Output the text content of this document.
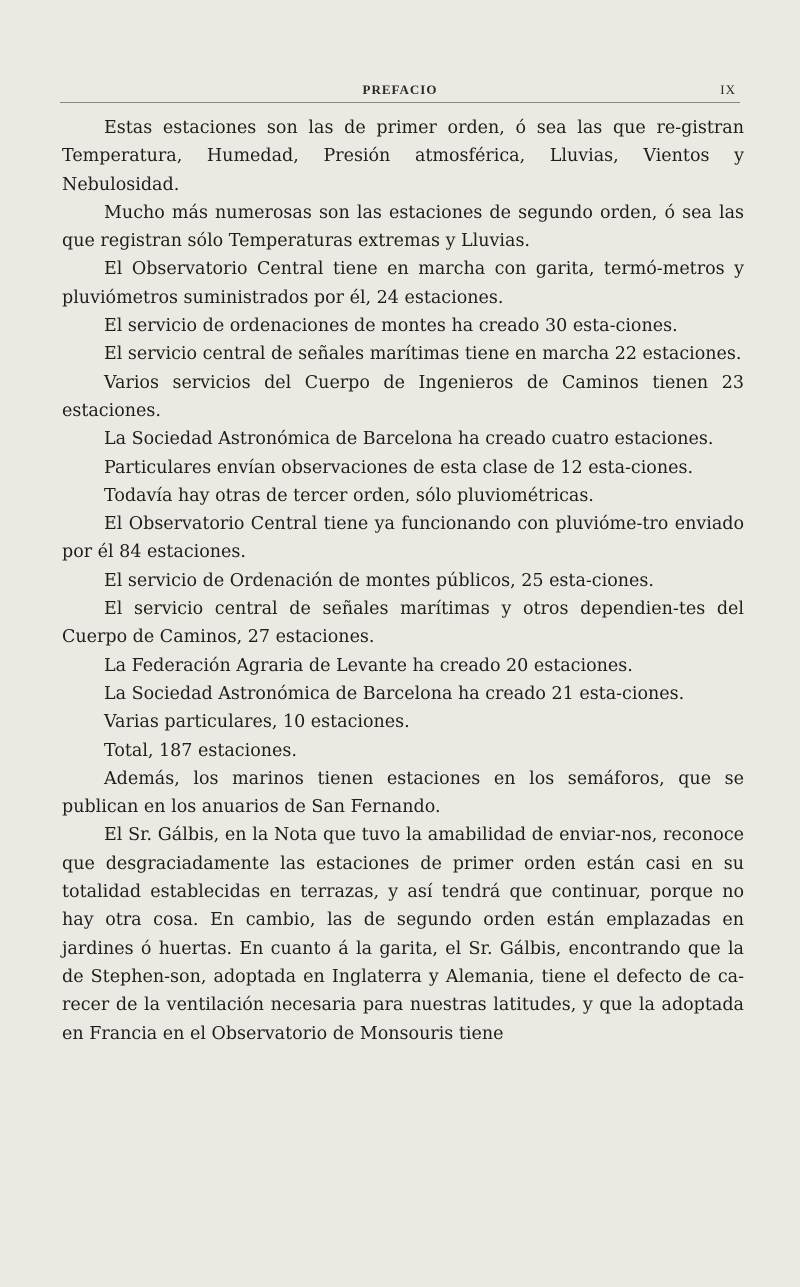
PREFACIO	IX

Estas estaciones son las de primer orden, ó sea las que re-gistran Temperatura, Humedad, Presión atmosférica, Lluvias, Vientos y Nebulosidad.

Mucho más numerosas son las estaciones de segundo orden, ó sea las que registran sólo Temperaturas extremas y Lluvias.

El Observatorio Central tiene en marcha con garita, termó-metros y pluviómetros suministrados por él, 24 estaciones.

El servicio de ordenaciones de montes ha creado 30 esta-ciones.

El servicio central de señales marítimas tiene en marcha 22 estaciones.

Varios servicios del Cuerpo de Ingenieros de Caminos tienen 23 estaciones.

La Sociedad Astronómica de Barcelona ha creado cuatro estaciones.

Particulares envían observaciones de esta clase de 12 esta-ciones.

Todavía hay otras de tercer orden, sólo pluviométricas.

El Observatorio Central tiene ya funcionando con pluvióme-tro enviado por él 84 estaciones.

El servicio de Ordenación de montes públicos, 25 esta-ciones.

El servicio central de señales marítimas y otros dependien-tes del Cuerpo de Caminos, 27 estaciones.

La Federación Agraria de Levante ha creado 20 estaciones.

La Sociedad Astronómica de Barcelona ha creado 21 esta-ciones.

Varias particulares, 10 estaciones.

Total, 187 estaciones.

Además, los marinos tienen estaciones en los semáforos, que se publican en los anuarios de San Fernando.

El Sr. Gálbis, en la Nota que tuvo la amabilidad de enviar-nos, reconoce que desgraciadamente las estaciones de primer orden están casi en su totalidad establecidas en terrazas, y así tendrá que continuar, porque no hay otra cosa. En cambio, las de segundo orden están emplazadas en jardines ó huertas. En cuanto á la garita, el Sr. Gálbis, encontrando que la de Stephen-son, adoptada en Inglaterra y Alemania, tiene el defecto de ca-recer de la ventilación necesaria para nuestras latitudes, y que la adoptada en Francia en el Observatorio de Monsouris tiene
